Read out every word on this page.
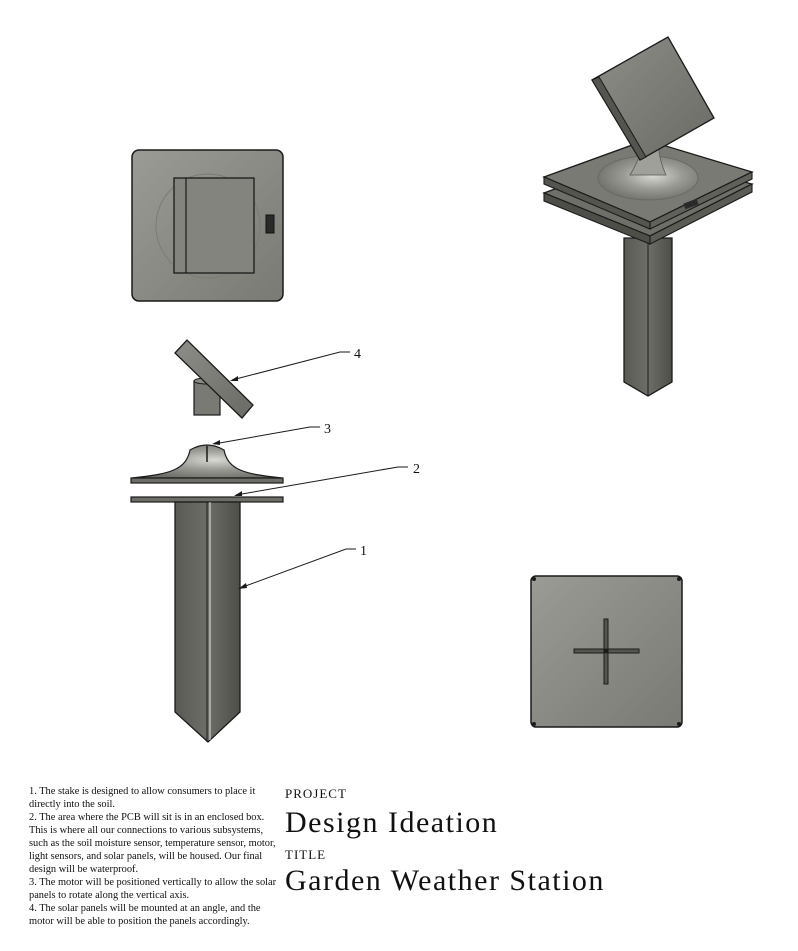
4
3
2
1

1. The stake is designed to allow consumers to place it directly into the soil.

2. The area where the PCB will sit is in an enclosed box. This is where all our connections to various subsystems, such as the soil moisture sensor, temperature sensor, motor, light sensors, and solar panels, will be housed. Our final design will be waterproof.

3. The motor will be positioned vertically to allow the solar panels to rotate along the vertical axis.

4. The solar panels will be mounted at an angle, and the motor will be able to position the panels accordingly.

PROJECT
Design Ideation
TITLE
Garden Weather Station
